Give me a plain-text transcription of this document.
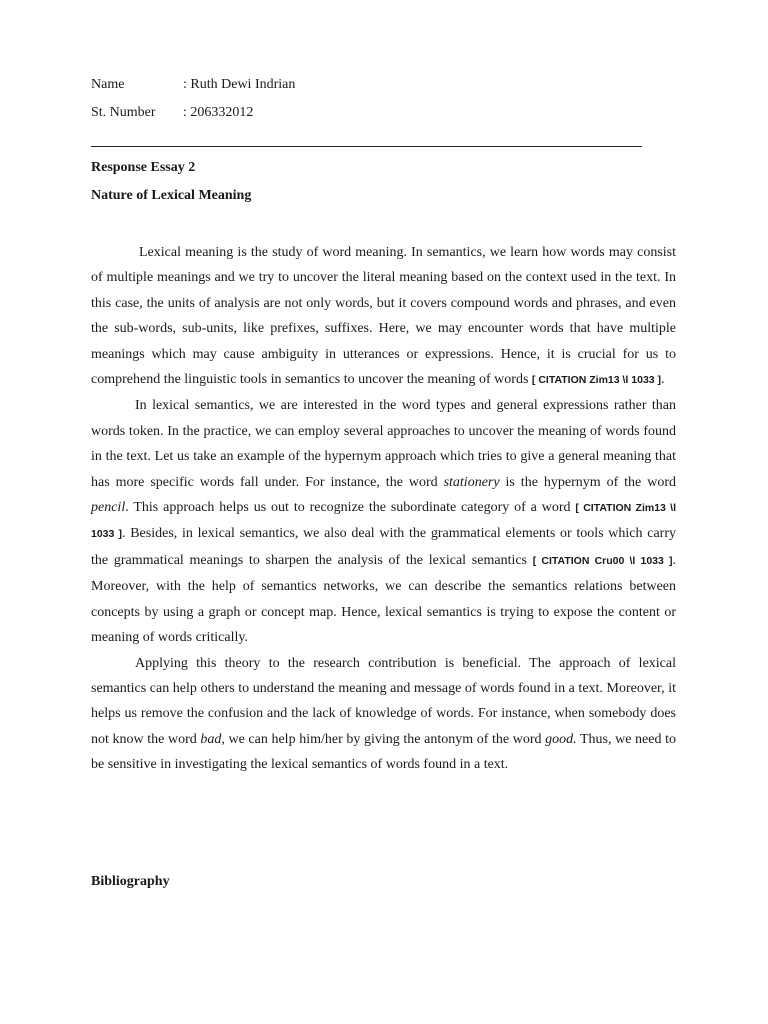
Name	: Ruth Dewi Indrian
St. Number : 206332012
Response Essay 2
Nature of Lexical Meaning

Lexical meaning is the study of word meaning. In semantics, we learn how words may consist of multiple meanings and we try to uncover the literal meaning based on the context used in the text. In this case, the units of analysis are not only words, but it covers compound words and phrases, and even the sub-words, sub-units, like prefixes, suffixes. Here, we may encounter words that have multiple meanings which may cause ambiguity in utterances or expressions. Hence, it is crucial for us to comprehend the linguistic tools in semantics to uncover the meaning of words [ CITATION Zim13 \l 1033 ].

In lexical semantics, we are interested in the word types and general expressions rather than words token. In the practice, we can employ several approaches to uncover the meaning of words found in the text. Let us take an example of the hypernym approach which tries to give a general meaning that has more specific words fall under. For instance, the word stationery is the hypernym of the word pencil. This approach helps us out to recognize the subordinate category of a word [ CITATION Zim13 \l 1033 ]. Besides, in lexical semantics, we also deal with the grammatical elements or tools which carry the grammatical meanings to sharpen the analysis of the lexical semantics [ CITATION Cru00 \l 1033 ]. Moreover, with the help of semantics networks, we can describe the semantics relations between concepts by using a graph or concept map. Hence, lexical semantics is trying to expose the content or meaning of words critically.

Applying this theory to the research contribution is beneficial. The approach of lexical semantics can help others to understand the meaning and message of words found in a text. Moreover, it helps us remove the confusion and the lack of knowledge of words. For instance, when somebody does not know the word bad, we can help him/her by giving the antonym of the word good. Thus, we need to be sensitive in investigating the lexical semantics of words found in a text.

Bibliography
